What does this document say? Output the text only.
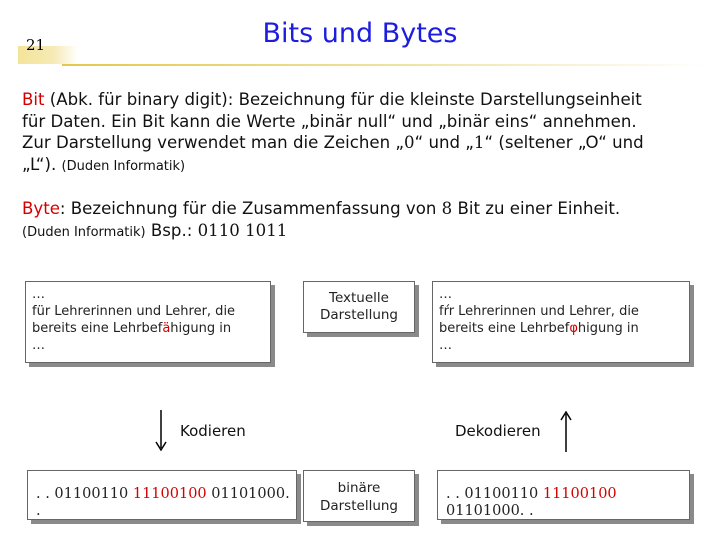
21	Bits und Bytes
Bit (Abk. für binary digit): Bezeichnung für die kleinste Darstellungseinheit
für Daten. Ein Bit kann die Werte „binär null“ und „binär eins“ annehmen.
Zur Darstellung verwendet man die Zeichen „0“ und „1“ (seltener „O“ und
„L“). (Duden Informatik)
Byte: Bezeichnung für die Zusammenfassung von 8 Bit zu einer Einheit.
(Duden Informatik) Bsp.: 0110 1011
…
für Lehrerinnen und Lehrer, die
bereits eine Lehrbefähigung in
…
Textuelle
Darstellung
…
fŕr Lehrerinnen und Lehrer, die
bereits eine Lehrbefφhigung in
…
Kodieren	Dekodieren
. . 01100110 11100100 01101000. .
binäre
Darstellung
. . 01100110 11100100 01101000. .
